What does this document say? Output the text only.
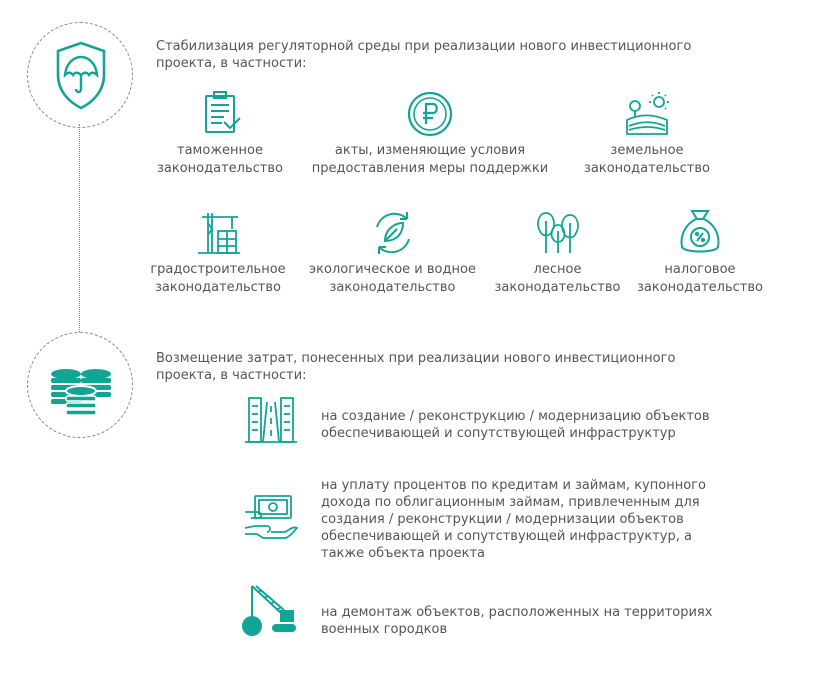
Стабилизация регуляторной среды при реализации нового инвестиционного
проекта, в частности:
таможенное
законодательство
акты, изменяющие условия
предоставления меры поддержки
земельное
законодательство
градостроительное
законодательство
экологическое и водное
законодательство
лесное
законодательство
налоговое
законодательство
Возмещение затрат, понесенных при реализации нового инвестиционного
проекта, в частности:
на создание / реконструкцию / модернизацию объектов
обеспечивающей и сопутствующей инфраструктур
на уплату процентов по кредитам и займам, купонного
дохода по облигационным займам, привлеченным для
создания / реконструкции / модернизации объектов
обеспечивающей и сопутствующей инфраструктур, а
также объекта проекта
на демонтаж объектов, расположенных на территориях
военных городков
